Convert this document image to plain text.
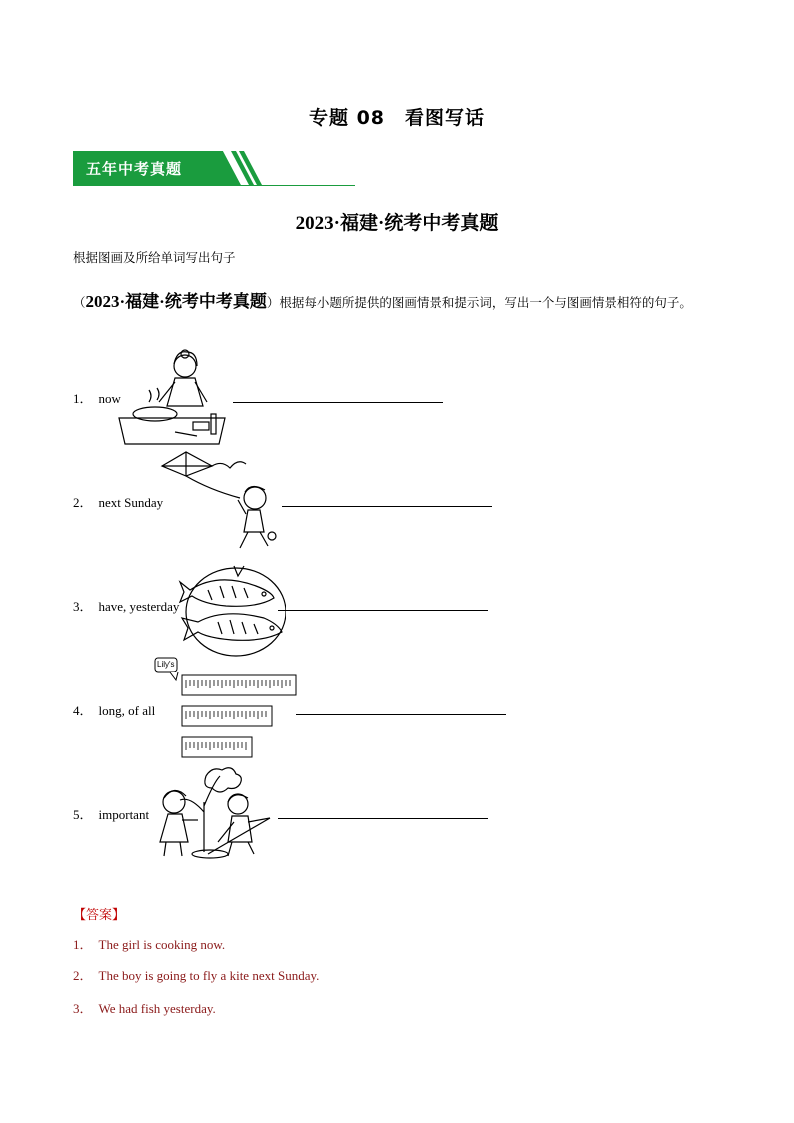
专题 08　看图写话
五年中考真题
2023·福建·统考中考真题
根据图画及所给单词写出句子
（2023·福建·统考中考真题）根据每小题所提供的图画情景和提示词，写出一个与图画情景相符的句子。
1． now
2． next Sunday
3． have, yesterday
4． long, of all
Lily's
5． important
【答案】
1． The girl is cooking now.
2． The boy is going to fly a kite next Sunday.
3． We had fish yesterday.
